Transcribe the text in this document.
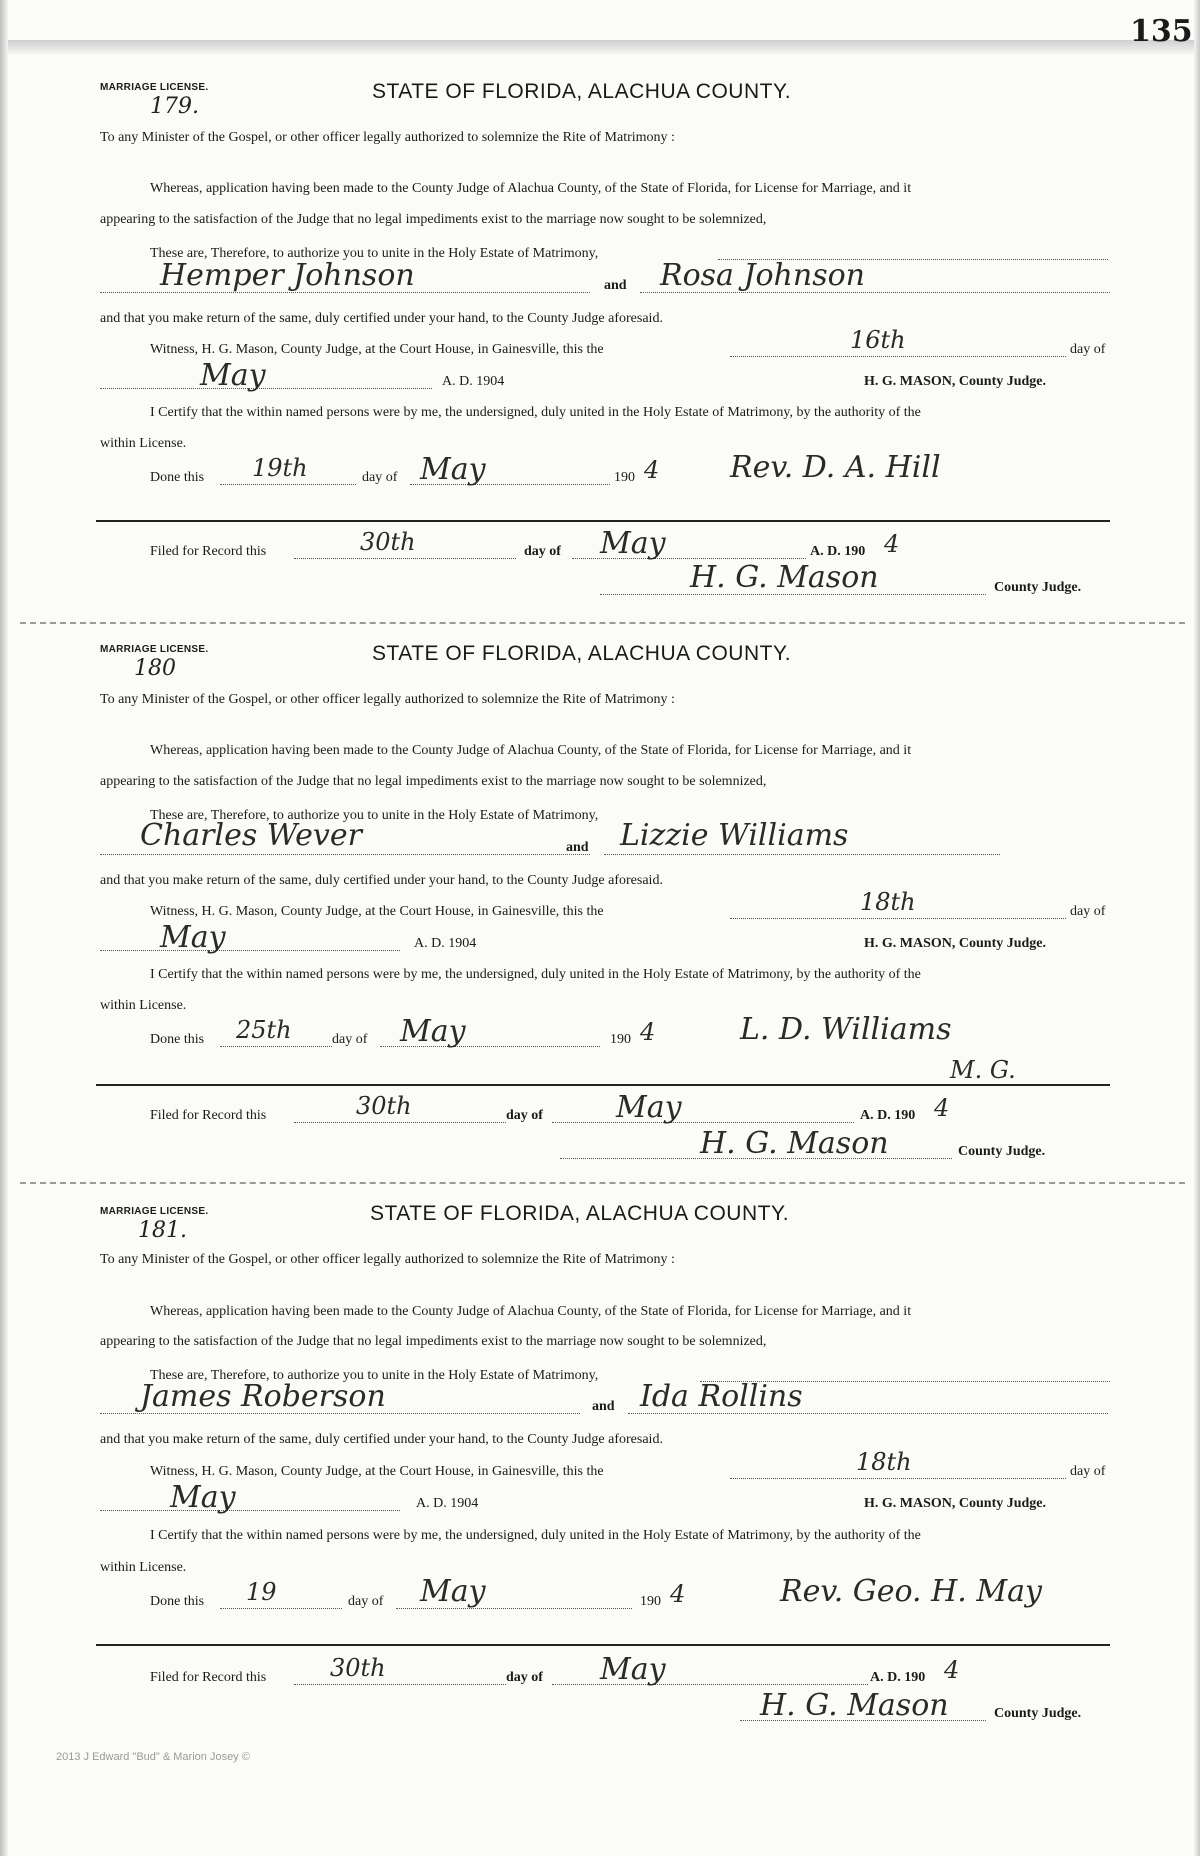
135
MARRIAGE LICENSE.
179.
STATE OF FLORIDA, ALACHUA COUNTY.
To any Minister of the Gospel, or other officer legally authorized to solemnize the Rite of Matrimony :
Whereas, application having been made to the County Judge of Alachua County, of the State of Florida, for License for Marriage, and it
appearing to the satisfaction of the Judge that no legal impediments exist to the marriage now sought to be solemnized,
These are, Therefore, to authorize you to unite in the Holy Estate of Matrimony,
Hemper Johnson	and Rosa Johnson
and that you make return of the same, duly certified under your hand, to the County Judge aforesaid.
Witness, H. G. Mason, County Judge, at the Court House, in Gainesville, this the	16th	day of
May	A. D. 1904	H. G. MASON, County Judge.
I Certify that the within named persons were by me, the undersigned, duly united in the Holy Estate of Matrimony, by the authority of the
within License.
Done this 19th	day of May	190 4 Rev. D. A. Hill
Filed for Record this	30th	day of May	A. D. 190 4
H. G. Mason	County Judge.
MARRIAGE LICENSE.
180
STATE OF FLORIDA, ALACHUA COUNTY.
To any Minister of the Gospel, or other officer legally authorized to solemnize the Rite of Matrimony :
Whereas, application having been made to the County Judge of Alachua County, of the State of Florida, for License for Marriage, and it
appearing to the satisfaction of the Judge that no legal impediments exist to the marriage now sought to be solemnized,
These are, Therefore, to authorize you to unite in the Holy Estate of Matrimony,
Charles Wever	and Lizzie Williams
and that you make return of the same, duly certified under your hand, to the County Judge aforesaid.
Witness, H. G. Mason, County Judge, at the Court House, in Gainesville, this the	18th	day of
May	A. D. 1904	H. G. MASON, County Judge.
I Certify that the within named persons were by me, the undersigned, duly united in the Holy Estate of Matrimony, by the authority of the
within License.
Done this 25th	day of May	190 4	L. D. Williams
M. G.
Filed for Record this	30th	day of May	A. D. 190 4
H. G. Mason	County Judge.
MARRIAGE LICENSE.
181.
STATE OF FLORIDA, ALACHUA COUNTY.
To any Minister of the Gospel, or other officer legally authorized to solemnize the Rite of Matrimony :
Whereas, application having been made to the County Judge of Alachua County, of the State of Florida, for License for Marriage, and it
appearing to the satisfaction of the Judge that no legal impediments exist to the marriage now sought to be solemnized,
These are, Therefore, to authorize you to unite in the Holy Estate of Matrimony,
James Roberson	and Ida Rollins
and that you make return of the same, duly certified under your hand, to the County Judge aforesaid.
Witness, H. G. Mason, County Judge, at the Court House, in Gainesville, this the	18th	day of
May	A. D. 1904	H. G. MASON, County Judge.
I Certify that the within named persons were by me, the undersigned, duly united in the Holy Estate of Matrimony, by the authority of the
within License.
Done this 19	day of May	190 4	Rev. Geo. H. May
Filed for Record this	30th	day of May	A. D. 190 4
H. G. Mason	County Judge.
2013 J Edward "Bud" & Marion Josey ©
